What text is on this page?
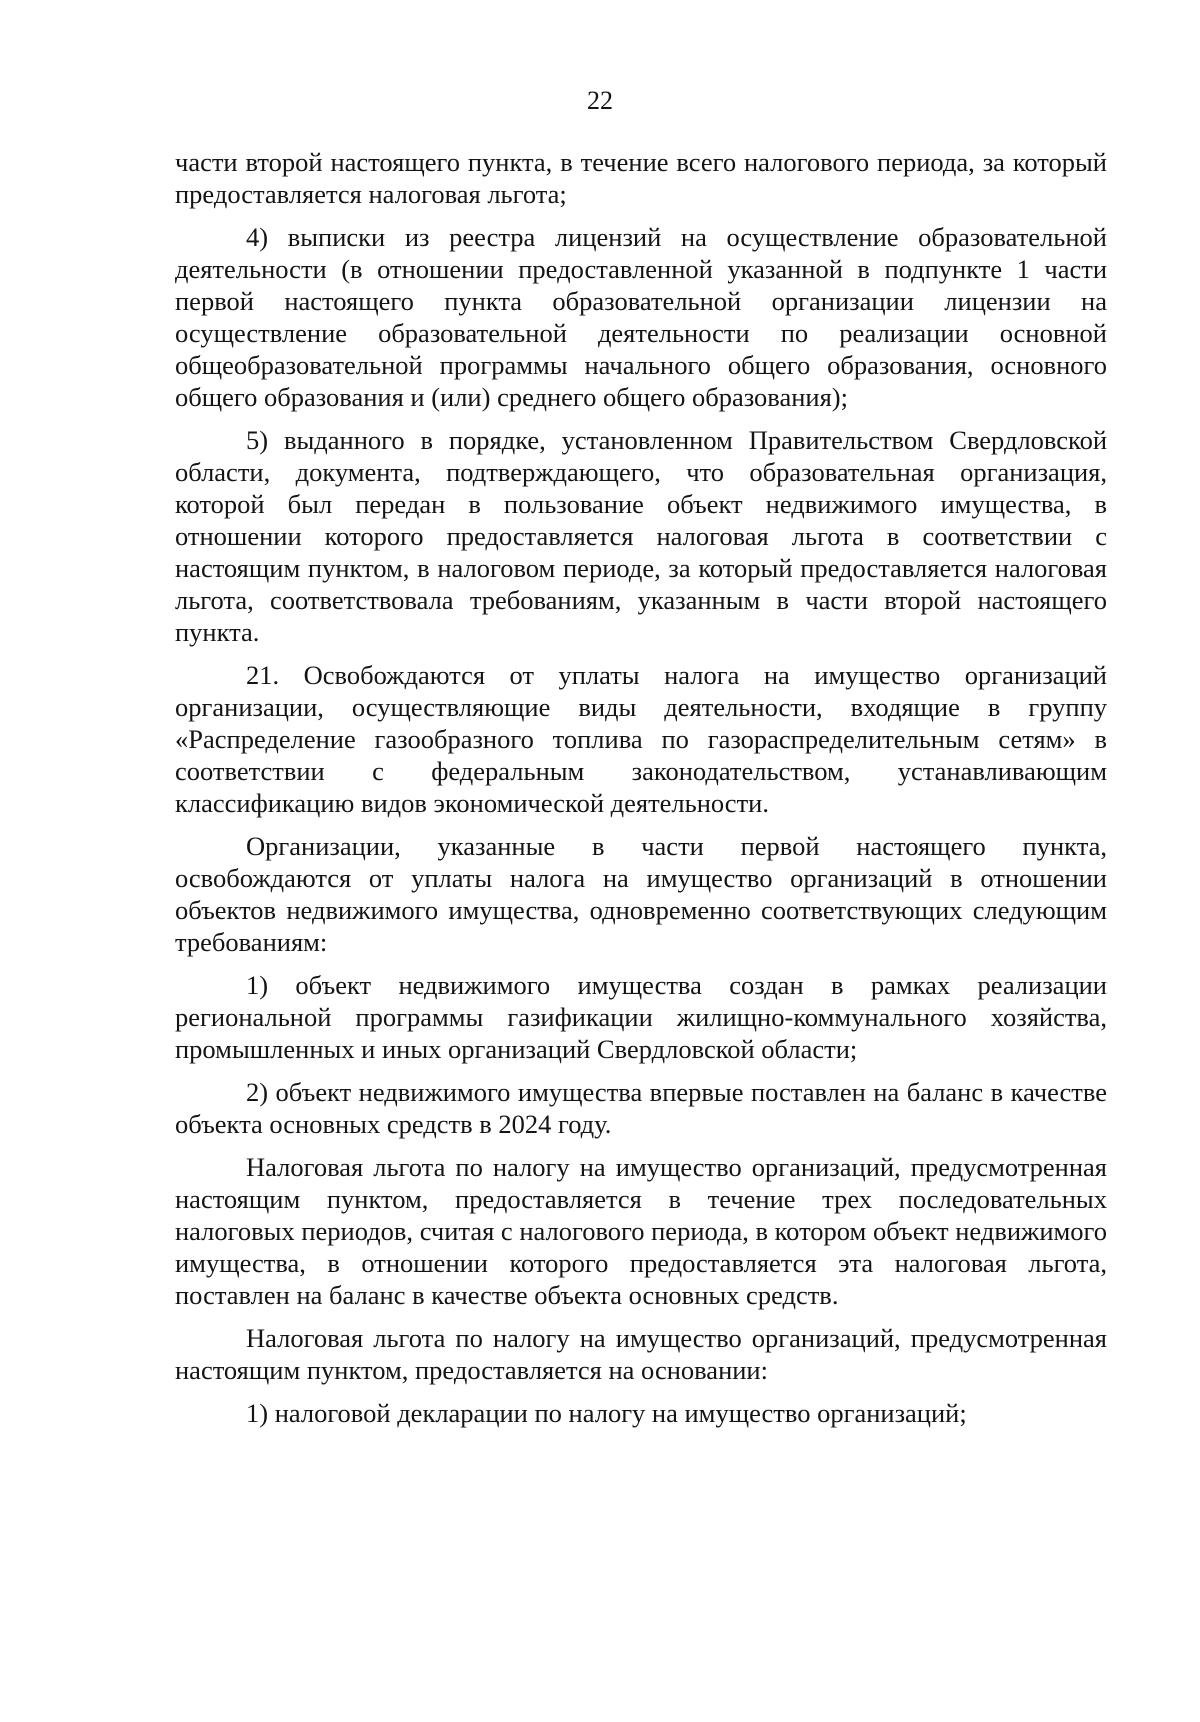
22

части второй настоящего пункта, в течение всего налогового периода, за который предоставляется налоговая льгота;

4) выписки из реестра лицензий на осуществление образовательной деятельности (в отношении предоставленной указанной в подпункте 1 части первой настоящего пункта образовательной организации лицензии на осуществление образовательной деятельности по реализации основной общеобразовательной программы начального общего образования, основного общего образования и (или) среднего общего образования);

5) выданного в порядке, установленном Правительством Свердловской области, документа, подтверждающего, что образовательная организация, которой был передан в пользование объект недвижимого имущества, в отношении которого предоставляется налоговая льгота в соответствии с настоящим пунктом, в налоговом периоде, за который предоставляется налоговая льгота, соответствовала требованиям, указанным в части второй настоящего пункта.

21. Освобождаются от уплаты налога на имущество организаций организации, осуществляющие виды деятельности, входящие в группу «Распределение газообразного топлива по газораспределительным сетям» в соответствии с федеральным законодательством, устанавливающим классификацию видов экономической деятельности.

Организации, указанные в части первой настоящего пункта, освобождаются от уплаты налога на имущество организаций в отношении объектов недвижимого имущества, одновременно соответствующих следующим требованиям:

1) объект недвижимого имущества создан в рамках реализации региональной программы газификации жилищно-коммунального хозяйства, промышленных и иных организаций Свердловской области;

2) объект недвижимого имущества впервые поставлен на баланс в качестве объекта основных средств в 2024 году.

Налоговая льгота по налогу на имущество организаций, предусмотренная настоящим пунктом, предоставляется в течение трех последовательных налоговых периодов, считая с налогового периода, в котором объект недвижимого имущества, в отношении которого предоставляется эта налоговая льгота, поставлен на баланс в качестве объекта основных средств.

Налоговая льгота по налогу на имущество организаций, предусмотренная настоящим пунктом, предоставляется на основании:

1) налоговой декларации по налогу на имущество организаций;
